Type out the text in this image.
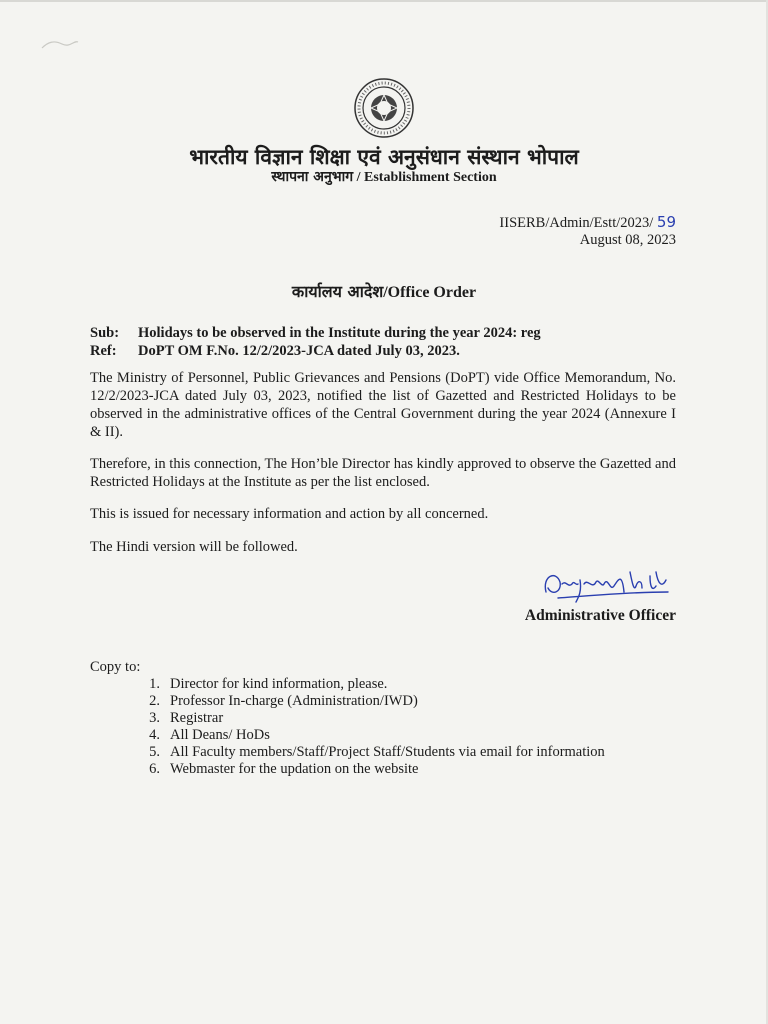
भारतीय विज्ञान शिक्षा एवं अनुसंधान संस्थान भोपाल
स्थापना अनुभाग / Establishment Section
IISERB/Admin/Estt/2023/ 59
August 08, 2023
कार्यालय आदेश/Office Order
Sub: Holidays to be observed in the Institute during the year 2024: reg
Ref: DoPT OM F.No. 12/2/2023-JCA dated July 03, 2023.
The Ministry of Personnel, Public Grievances and Pensions (DoPT) vide Office Memorandum, No. 12/2/2023-JCA dated July 03, 2023, notified the list of Gazetted and Restricted Holidays to be observed in the administrative offices of the Central Government during the year 2024 (Annexure I & II).
Therefore, in this connection, The Hon’ble Director has kindly approved to observe the Gazetted and Restricted Holidays at the Institute as per the list enclosed.
This is issued for necessary information and action by all concerned.
The Hindi version will be followed.
Administrative Officer
Copy to:
1. Director for kind information, please.
2. Professor In-charge (Administration/IWD)
3. Registrar
4. All Deans/ HoDs
5. All Faculty members/Staff/Project Staff/Students via email for information
6. Webmaster for the updation on the website
